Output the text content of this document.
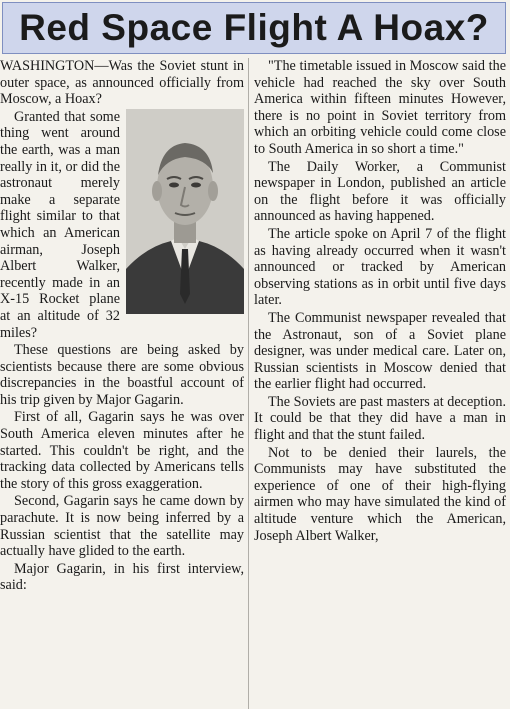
Red Space Flight A Hoax?

WASHINGTON—Was the Soviet stunt in outer space, as announced officially from Moscow, a Hoax?

Granted that some thing went around the earth, was a man really in it, or did the astronaut merely make a separate flight similar to that which an American airman, Joseph Albert Walker, recently made in an X-15 Rocket plane at an altitude of 32 miles?

These questions are being asked by scientists because there are some obvious discrepancies in the boastful account of his trip given by Major Gagarin.

First of all, Gagarin says he was over South America eleven minutes after he started. This couldn't be right, and the tracking data collected by Americans tells the story of this gross exaggeration.

Second, Gagarin says he came down by parachute. It is now being inferred by a Russian scientist that the satellite may actually have glided to the earth.

Major Gagarin, in his first interview, said:

"The timetable issued in Moscow said the vehicle had reached the sky over South America within fifteen minutes However, there is no point in Soviet territory from which an orbiting vehicle could come close to South America in so short a time."

The Daily Worker, a Communist newspaper in London, published an article on the flight before it was officially announced as having happened.

The article spoke on April 7 of the flight as having already occurred when it wasn't announced or tracked by American observing stations as in orbit until five days later.

The Communist newspaper revealed that the Astronaut, son of a Soviet plane designer, was under medical care. Later on, Russian scientists in Moscow denied that the earlier flight had occurred.

The Soviets are past masters at deception. It could be that they did have a man in flight and that the stunt failed.

Not to be denied their laurels, the Communists may have substituted the experience of one of their high-flying airmen who may have simulated the kind of altitude venture which the American, Joseph Albert Walker,
